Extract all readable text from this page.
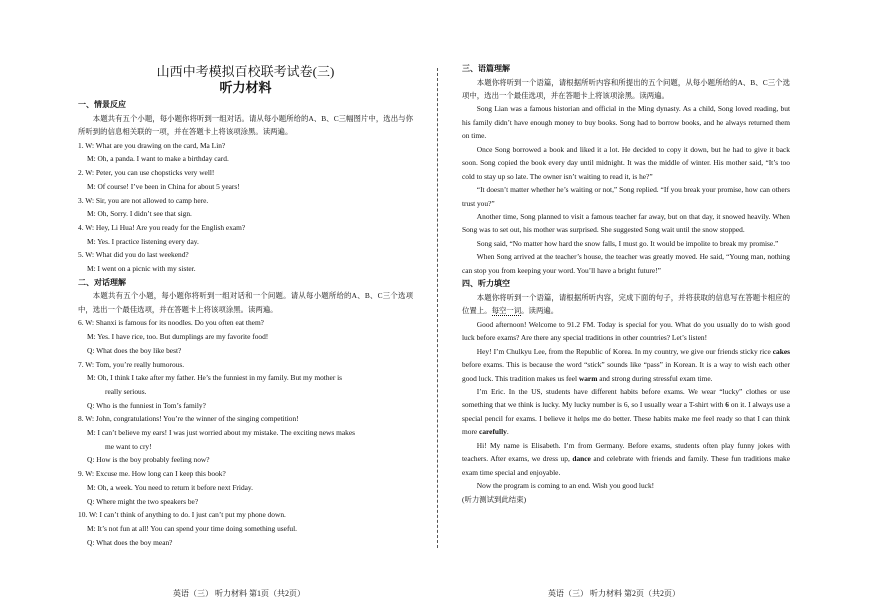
山西中考模拟百校联考试卷(三)
听力材料
一、情景反应

本题共有五个小题，每小题你将听到一组对话。请从每小题所给的A、B、C三幅图片中，选出与你所听到的信息相关联的一项，并在答题卡上将该项涂黑。读两遍。

1. W: What are you drawing on the card, Ma Lin?

M: Oh, a panda. I want to make a birthday card.

2. W: Peter, you can use chopsticks very well!

M: Of course! I’ve been in China for about 5 years!

3. W: Sir, you are not allowed to camp here.

M: Oh, Sorry. I didn’t see that sign.

4. W: Hey, Li Hua! Are you ready for the English exam?

M: Yes. I practice listening every day.

5. W: What did you do last weekend?

M: I went on a picnic with my sister.

二、对话理解

本题共有五个小题，每小题你将听到一组对话和一个问题。请从每小题所给的A、B、C三个选项中，选出一个最佳选项，并在答题卡上将该项涂黑。读两遍。

6. W: Shanxi is famous for its noodles. Do you often eat them?

M: Yes. I have rice, too. But dumplings are my favorite food!

Q: What does the boy like best?

7. W: Tom, you’re really humorous.

M: Oh, I think I take after my father. He’s the funniest in my family. But my mother is

really serious.

Q: Who is the funniest in Tom’s family?

8. W: John, congratulations! You’re the winner of the singing competition!

M: I can’t believe my ears! I was just worried about my mistake. The exciting news makes

me want to cry!

Q: How is the boy probably feeling now?

9. W: Excuse me. How long can I keep this book?

M: Oh, a week. You need to return it before next Friday.

Q: Where might the two speakers be?

10. W: I can’t think of anything to do. I just can’t put my phone down.

M: It’s not fun at all! You can spend your time doing something useful.

Q: What does the boy mean?

英语（三） 听力材料 第1页（共2页）
三、语篇理解

本题你将听到一个语篇，请根据所听内容和所提出的五个问题，从每小题所给的A、B、C三个选项中，选出一个最佳选项，并在答题卡上将该项涂黑。读两遍。

Song Lian was a famous historian and official in the Ming dynasty. As a child, Song loved reading, but his family didn’t have enough money to buy books. Song had to borrow books, and he always returned them on time.

Once Song borrowed a book and liked it a lot. He decided to copy it down, but he had to give it back soon. Song copied the book every day until midnight. It was the middle of winter. His mother said, “It’s too cold to stay up so late. The owner isn’t waiting to read it, is he?”

“It doesn’t matter whether he’s waiting or not,” Song replied. “If you break your promise, how can others trust you?”

Another time, Song planned to visit a famous teacher far away, but on that day, it snowed heavily. When Song was to set out, his mother was surprised. She suggested Song wait until the snow stopped.

Song said, “No matter how hard the snow falls, I must go. It would be impolite to break my promise.”

When Song arrived at the teacher’s house, the teacher was greatly moved. He said, “Young man, nothing can stop you from keeping your word. You’ll have a bright future!”

四、听力填空

本题你将听到一个语篇，请根据所听内容，完成下面的句子，并将获取的信息写在答题卡相应的位置上。每空一词。读两遍。

Good afternoon! Welcome to 91.2 FM. Today is special for you. What do you usually do to wish good luck before exams? Are there any special traditions in other countries? Let’s listen!

Hey! I’m Chulkyu Lee, from the Republic of Korea. In my country, we give our friends sticky rice cakes before exams. This is because the word “stick” sounds like “pass” in Korean. It is a way to wish each other good luck. This tradition makes us feel warm and strong during stressful exam time.

I’m Eric. In the US, students have different habits before exams. We wear “lucky” clothes or use something that we think is lucky. My lucky number is 6, so I usually wear a T-shirt with 6 on it. I always use a special pencil for exams. I believe it helps me do better. These habits make me feel ready so that I can think more carefully.

Hi! My name is Elisabeth. I’m from Germany. Before exams, students often play funny jokes with teachers. After exams, we dress up, dance and celebrate with friends and family. These fun traditions make exam time special and enjoyable.

Now the program is coming to an end. Wish you good luck!

(听力测试到此结束)

英语（三） 听力材料 第2页（共2页）
